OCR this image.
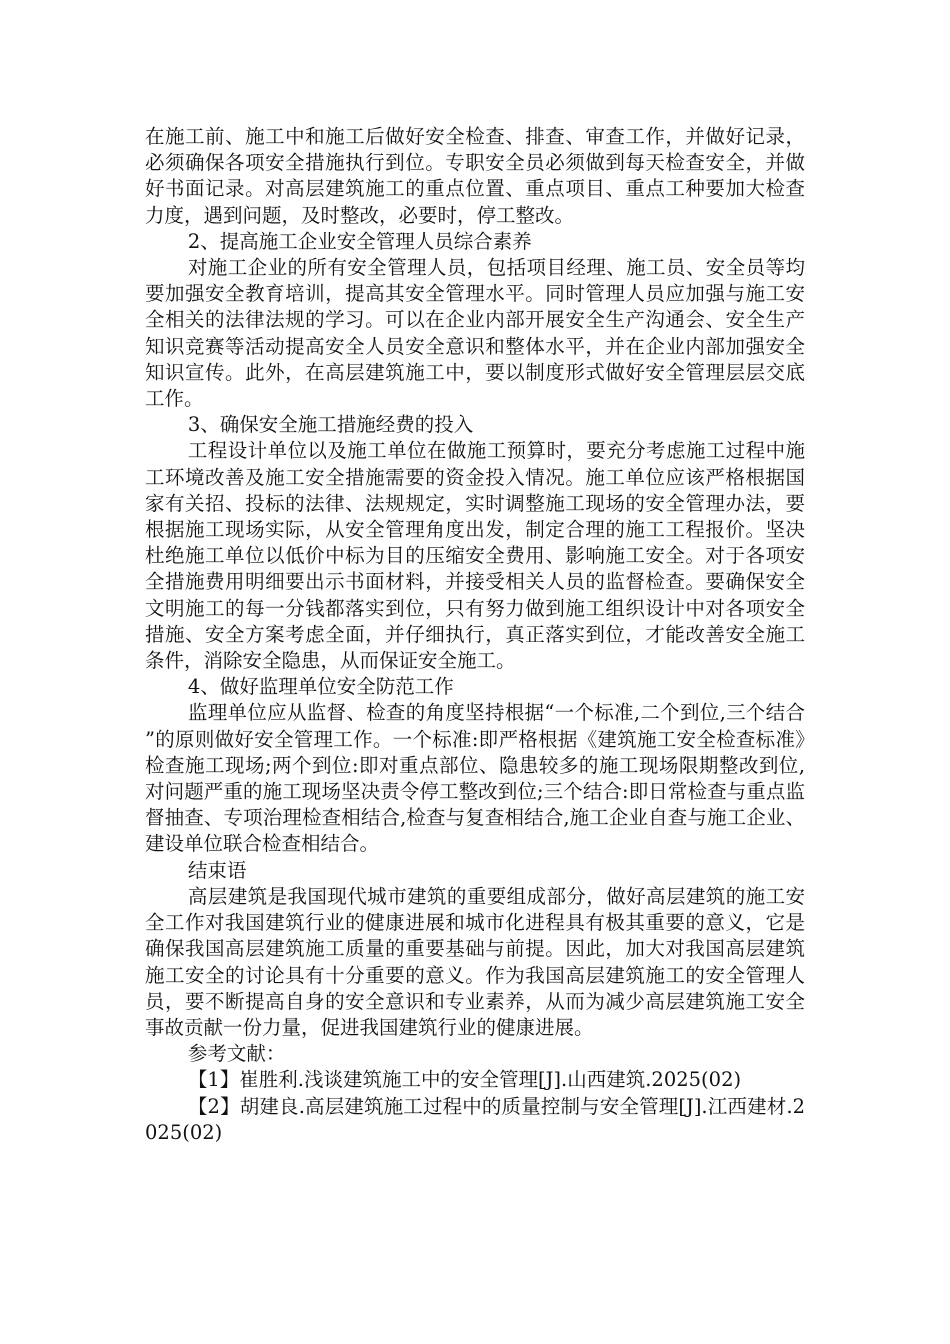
在施工前、施工中和施工后做好安全检查、排查、审查工作，并做好记录，必须确保各项安全措施执行到位。专职安全员必须做到每天检查安全，并做好书面记录。对高层建筑施工的重点位置、重点项目、重点工种要加大检查力度，遇到问题，及时整改，必要时，停工整改。

2、提高施工企业安全管理人员综合素养

对施工企业的所有安全管理人员，包括项目经理、施工员、安全员等均要加强安全教育培训，提高其安全管理水平。同时管理人员应加强与施工安全相关的法律法规的学习。可以在企业内部开展安全生产沟通会、安全生产知识竞赛等活动提高安全人员安全意识和整体水平，并在企业内部加强安全知识宣传。此外，在高层建筑施工中，要以制度形式做好安全管理层层交底工作。

3、确保安全施工措施经费的投入

工程设计单位以及施工单位在做施工预算时，要充分考虑施工过程中施工环境改善及施工安全措施需要的资金投入情况。施工单位应该严格根据国家有关招、投标的法律、法规规定，实时调整施工现场的安全管理办法，要根据施工现场实际，从安全管理角度出发，制定合理的施工工程报价。坚决杜绝施工单位以低价中标为目的压缩安全费用、影响施工安全。对于各项安全措施费用明细要出示书面材料，并接受相关人员的监督检查。要确保安全文明施工的每一分钱都落实到位，只有努力做到施工组织设计中对各项安全措施、安全方案考虑全面，并仔细执行，真正落实到位，才能改善安全施工条件，消除安全隐患，从而保证安全施工。

4、做好监理单位安全防范工作

监理单位应从监督、检查的角度坚持根据“一个标准,二个到位,三个结合”的原则做好安全管理工作。一个标准:即严格根据《建筑施工安全检查标准》检查施工现场;两个到位:即对重点部位、隐患较多的施工现场限期整改到位,对问题严重的施工现场坚决责令停工整改到位;三个结合:即日常检查与重点监督抽查、专项治理检查相结合,检查与复查相结合,施工企业自查与施工企业、建设单位联合检查相结合。

结束语

高层建筑是我国现代城市建筑的重要组成部分，做好高层建筑的施工安全工作对我国建筑行业的健康进展和城市化进程具有极其重要的意义，它是确保我国高层建筑施工质量的重要基础与前提。因此，加大对我国高层建筑施工安全的讨论具有十分重要的意义。作为我国高层建筑施工的安全管理人员，要不断提高自身的安全意识和专业素养，从而为减少高层建筑施工安全事故贡献一份力量，促进我国建筑行业的健康进展。

参考文献：

【1】崔胜利.浅谈建筑施工中的安全管理[J].山西建筑.2025(02)

【2】胡建良.高层建筑施工过程中的质量控制与安全管理[J].江西建材.2025(02)
